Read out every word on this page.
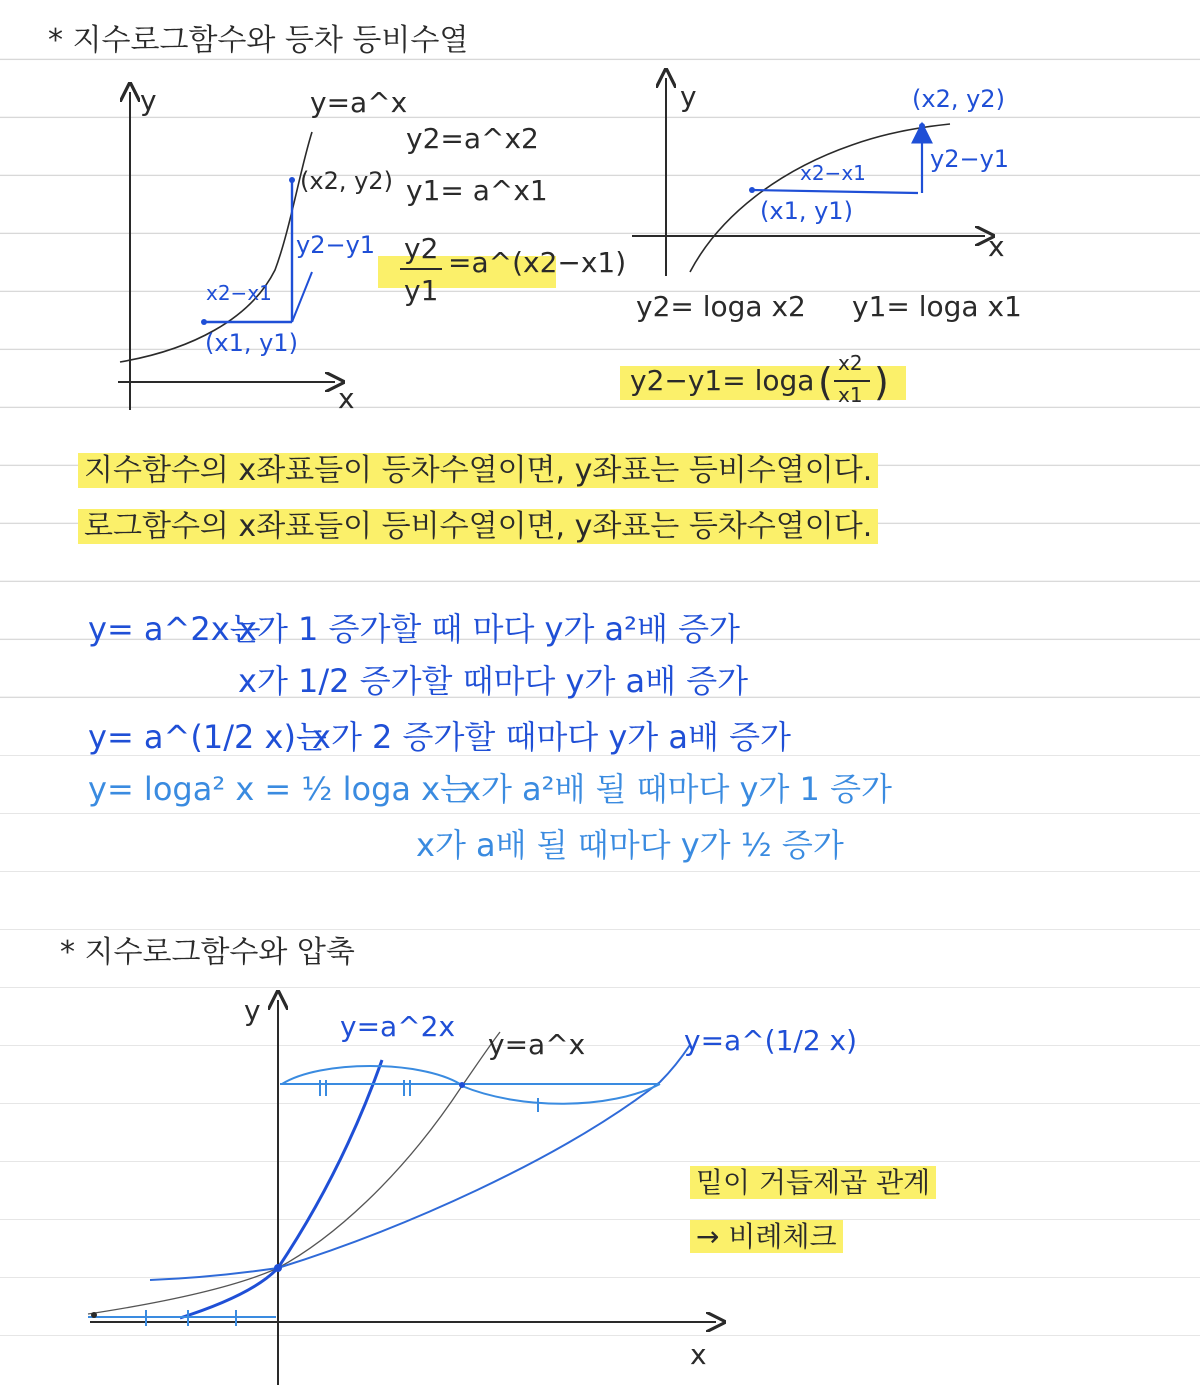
* 지수로그함수와 등차 등비수열
y
x
y=a^x
(x2, y2)
y2−y1
x2−x1
(x1, y1)
y2=a^x2
y1= a^x1
y2
y1
=a^(x2−x1)
y
x
(x2, y2)
y2−y1
x2−x1
(x1, y1)
y2= loga x2 y1= loga x1
y2−y1= loga ( x2
x1 )
지수함수의 x좌표들이 등차수열이면, y좌표는 등비수열이다.
로그함수의 x좌표들이 등비수열이면, y좌표는 등차수열이다.
y= a^2x는
x가 1 증가할 때 마다 y가 a²배 증가
x가 1/2 증가할 때마다 y가 a배 증가
y= a^(1/2 x)는
x가 2 증가할 때마다 y가 a배 증가
y= loga² x = ½ loga x는
x가 a²배 될 때마다 y가 1 증가
x가 a배 될 때마다 y가 ½ 증가
* 지수로그함수와 압축
y
x
y=a^2x
y=a^x	y=a^(1/2 x)
밑이 거듭제곱 관계
→ 비례체크
